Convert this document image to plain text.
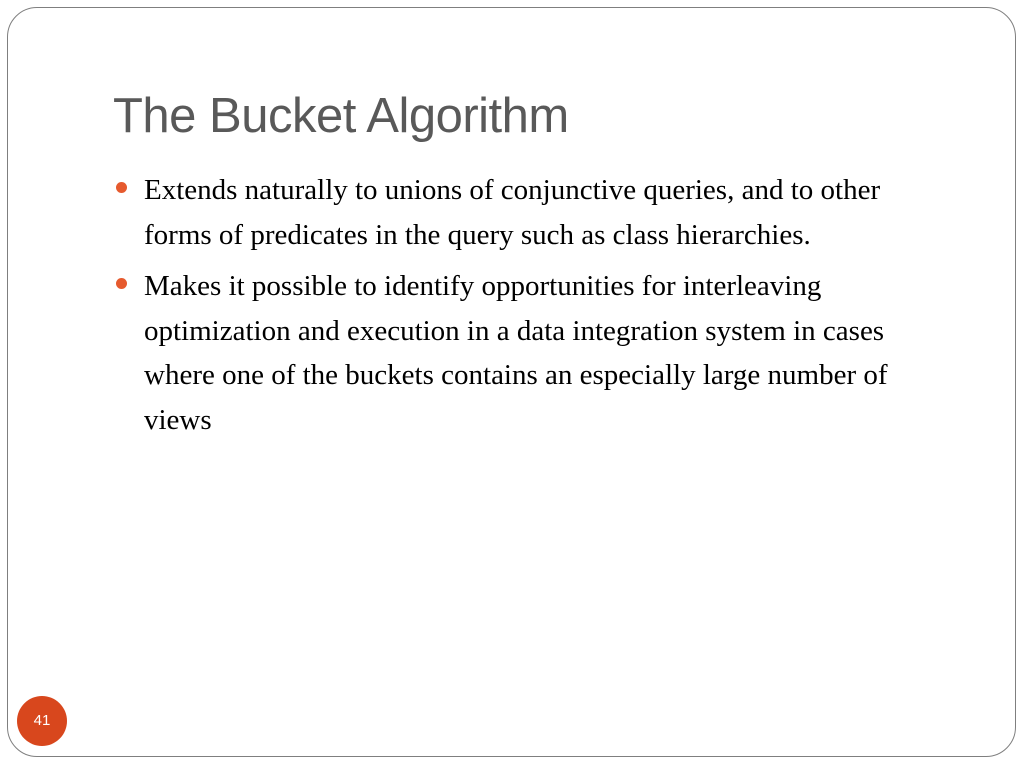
The Bucket Algorithm
Extends naturally to unions of conjunctive queries, and to other forms of predicates in the query such as class hierarchies.
Makes it possible to identify opportunities for interleaving optimization and execution in a data integration system in cases where one of the buckets contains an especially large number of views
41
